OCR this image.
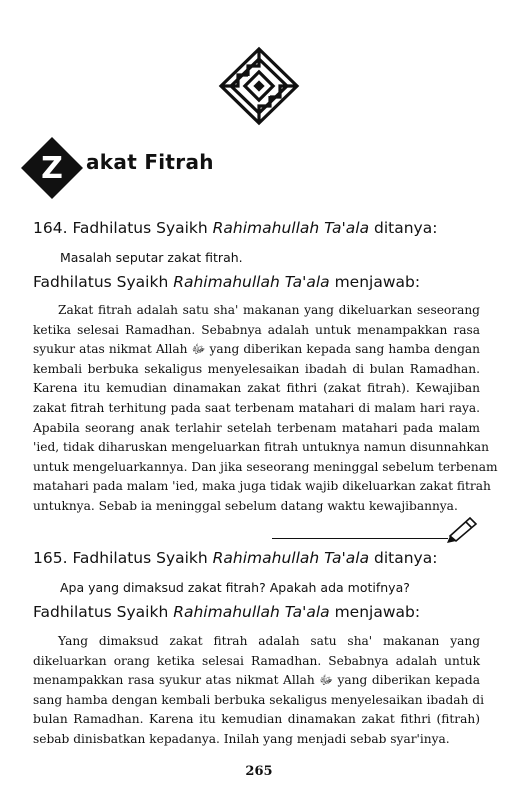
Z akat Fitrah
164. Fadhilatus Syaikh Rahimahullah Ta'ala ditanya:
Masalah seputar zakat fitrah.
Fadhilatus Syaikh Rahimahullah Ta'ala menjawab:
Zakat fitrah adalah satu sha' makanan yang dikeluarkan seseorang
ketika selesai Ramadhan. Sebabnya adalah untuk menampakkan rasa
syukur atas nikmat Allah ﷻ yang diberikan kepada sang hamba dengan
kembali berbuka sekaligus menyelesaikan ibadah di bulan Ramadhan.
Karena itu kemudian dinamakan zakat fithri (zakat fitrah). Kewajiban
zakat fitrah terhitung pada saat terbenam matahari di malam hari raya.
Apabila seorang anak terlahir setelah terbenam matahari pada malam
'ied, tidak diharuskan mengeluarkan fitrah untuknya namun disunnahkan
untuk mengeluarkannya. Dan jika seseorang meninggal sebelum terbenam
matahari pada malam 'ied, maka juga tidak wajib dikeluarkan zakat fitrah
untuknya. Sebab ia meninggal sebelum datang waktu kewajibannya.
165. Fadhilatus Syaikh Rahimahullah Ta'ala ditanya:
Apa yang dimaksud zakat fitrah? Apakah ada motifnya?
Fadhilatus Syaikh Rahimahullah Ta'ala menjawab:
Yang dimaksud zakat fitrah adalah satu sha' makanan yang
dikeluarkan orang ketika selesai Ramadhan. Sebabnya adalah untuk
menampakkan rasa syukur atas nikmat Allah ﷻ yang diberikan kepada
sang hamba dengan kembali berbuka sekaligus menyelesaikan ibadah di
bulan Ramadhan. Karena itu kemudian dinamakan zakat fithri (fitrah)
sebab dinisbatkan kepadanya. Inilah yang menjadi sebab syar'inya.
265
